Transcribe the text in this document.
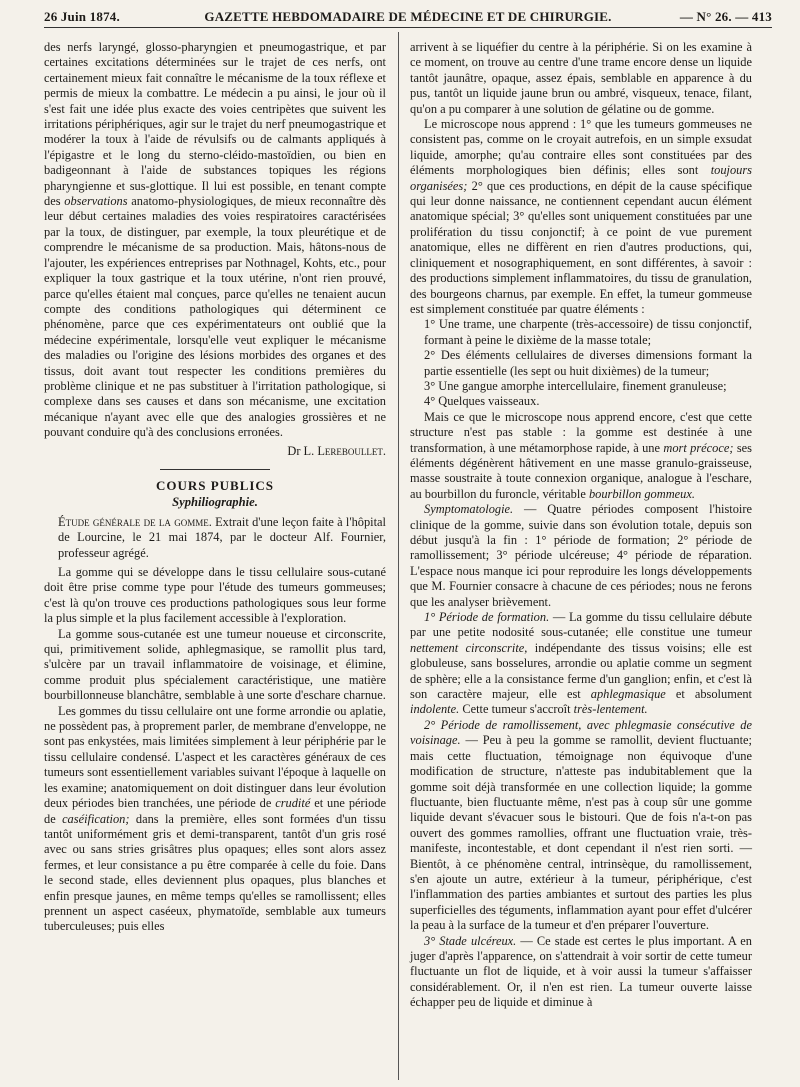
26 Juin 1874.	GAZETTE HEBDOMADAIRE DE MÉDECINE ET DE CHIRURGIE.	— N° 26. — 413

des nerfs laryngé, glosso-pharyngien et pneumogastrique, et par certaines excitations déterminées sur le trajet de ces nerfs, ont certainement mieux fait connaître le mécanisme de la toux réflexe et permis de mieux la combattre. Le médecin a pu ainsi, le jour où il s'est fait une idée plus exacte des voies centripètes que suivent les irritations périphériques, agir sur le trajet du nerf pneumogastrique et modérer la toux à l'aide de révulsifs ou de calmants appliqués à l'épigastre et le long du sterno-cléido-mastoïdien, ou bien en badigeonnant à l'aide de substances topiques les régions pharyngienne et sus-glottique. Il lui est possible, en tenant compte des observations anatomo-physiologiques, de mieux reconnaître dès leur début certaines maladies des voies respiratoires caractérisées par la toux, de distinguer, par exemple, la toux pleurétique et de comprendre le mécanisme de sa production. Mais, hâtons-nous de l'ajouter, les expériences entreprises par Nothnagel, Kohts, etc., pour expliquer la toux gastrique et la toux utérine, n'ont rien prouvé, parce qu'elles étaient mal conçues, parce qu'elles ne tenaient aucun compte des conditions pathologiques qui déterminent ce phénomène, parce que ces expérimentateurs ont oublié que la médecine expérimentale, lorsqu'elle veut expliquer le mécanisme des maladies ou l'origine des lésions morbides des organes et des tissus, doit avant tout respecter les conditions premières du problème clinique et ne pas substituer à l'irritation pathologique, si complexe dans ses causes et dans son mécanisme, une excitation mécanique n'ayant avec elle que des analogies grossières et ne pouvant conduire qu'à des conclusions erronées.

Dr L. Lereboullet.

COURS PUBLICS

Syphiliographie.

Étude générale de la gomme. Extrait d'une leçon faite à l'hôpital de Lourcine, le 21 mai 1874, par le docteur Alf. Fournier, professeur agrégé.

La gomme qui se développe dans le tissu cellulaire sous-cutané doit être prise comme type pour l'étude des tumeurs gommeuses; c'est là qu'on trouve ces productions pathologiques sous leur forme la plus simple et la plus facilement accessible à l'exploration.

La gomme sous-cutanée est une tumeur noueuse et circonscrite, qui, primitivement solide, aphlegmasique, se ramollit plus tard, s'ulcère par un travail inflammatoire de voisinage, et élimine, comme produit plus spécialement caractéristique, une matière bourbillonneuse blanchâtre, semblable à une sorte d'eschare charnue.

Les gommes du tissu cellulaire ont une forme arrondie ou aplatie, ne possèdent pas, à proprement parler, de membrane d'enveloppe, ne sont pas enkystées, mais limitées simplement à leur périphérie par le tissu cellulaire condensé. L'aspect et les caractères généraux de ces tumeurs sont essentiellement variables suivant l'époque à laquelle on les examine; anatomiquement on doit distinguer dans leur évolution deux périodes bien tranchées, une période de crudité et une période de caséification; dans la première, elles sont formées d'un tissu tantôt uniformément gris et demi-transparent, tantôt d'un gris rosé avec ou sans stries grisâtres plus opaques; elles sont alors assez fermes, et leur consistance a pu être comparée à celle du foie. Dans le second stade, elles deviennent plus opaques, plus blanches et enfin presque jaunes, en même temps qu'elles se ramollissent; elles prennent un aspect caséeux, phymatoïde, semblable aux tumeurs tuberculeuses; puis elles

arrivent à se liquéfier du centre à la périphérie. Si on les examine à ce moment, on trouve au centre d'une trame encore dense un liquide tantôt jaunâtre, opaque, assez épais, semblable en apparence à du pus, tantôt un liquide jaune brun ou ambré, visqueux, tenace, filant, qu'on a pu comparer à une solution de gélatine ou de gomme.

Le microscope nous apprend : 1° que les tumeurs gommeuses ne consistent pas, comme on le croyait autrefois, en un simple exsudat liquide, amorphe; qu'au contraire elles sont constituées par des éléments morphologiques bien définis; elles sont toujours organisées; 2° que ces productions, en dépit de la cause spécifique qui leur donne naissance, ne contiennent cependant aucun élément anatomique spécial; 3° qu'elles sont uniquement constituées par une prolifération du tissu conjonctif; à ce point de vue purement anatomique, elles ne diffèrent en rien d'autres productions, qui, cliniquement et nosographiquement, en sont différentes, à savoir : des productions simplement inflammatoires, du tissu de granulation, des bourgeons charnus, par exemple. En effet, la tumeur gommeuse est simplement constituée par quatre éléments :

1° Une trame, une charpente (très-accessoire) de tissu conjonctif, formant à peine le dixième de la masse totale;

2° Des éléments cellulaires de diverses dimensions formant la partie essentielle (les sept ou huit dixièmes) de la tumeur;

3° Une gangue amorphe intercellulaire, finement granuleuse;

4° Quelques vaisseaux.

Mais ce que le microscope nous apprend encore, c'est que cette structure n'est pas stable : la gomme est destinée à une transformation, à une métamorphose rapide, à une mort précoce; ses éléments dégénèrent hâtivement en une masse granulo-graisseuse, masse soustraite à toute connexion organique, analogue à l'eschare, au bourbillon du furoncle, véritable bourbillon gommeux.

Symptomatologie. — Quatre périodes composent l'histoire clinique de la gomme, suivie dans son évolution totale, depuis son début jusqu'à la fin : 1° période de formation; 2° période de ramollissement; 3° période ulcéreuse; 4° période de réparation. L'espace nous manque ici pour reproduire les longs développements que M. Fournier consacre à chacune de ces périodes; nous ne ferons que les analyser brièvement.

1° Période de formation. — La gomme du tissu cellulaire débute par une petite nodosité sous-cutanée; elle constitue une tumeur nettement circonscrite, indépendante des tissus voisins; elle est globuleuse, sans bosselures, arrondie ou aplatie comme un segment de sphère; elle a la consistance ferme d'un ganglion; enfin, et c'est là son caractère majeur, elle est aphlegmasique et absolument indolente. Cette tumeur s'accroît très-lentement.

2° Période de ramollissement, avec phlegmasie consécutive de voisinage. — Peu à peu la gomme se ramollit, devient fluctuante; mais cette fluctuation, témoignage non équivoque d'une modification de structure, n'atteste pas indubitablement que la gomme soit déjà transformée en une collection liquide; la gomme fluctuante, bien fluctuante même, n'est pas à coup sûr une gomme liquide devant s'évacuer sous le bistouri. Que de fois n'a-t-on pas ouvert des gommes ramollies, offrant une fluctuation vraie, très-manifeste, incontestable, et dont cependant il n'est rien sorti. — Bientôt, à ce phénomène central, intrinsèque, du ramollissement, s'en ajoute un autre, extérieur à la tumeur, périphérique, c'est l'inflammation des parties ambiantes et surtout des parties les plus superficielles des téguments, inflammation ayant pour effet d'ulcérer la peau à la surface de la tumeur et d'en préparer l'ouverture.

3° Stade ulcéreux. — Ce stade est certes le plus important. A en juger d'après l'apparence, on s'attendrait à voir sortir de cette tumeur fluctuante un flot de liquide, et à voir aussi la tumeur s'affaisser considérablement. Or, il n'en est rien. La tumeur ouverte laisse échapper peu de liquide et diminue à
